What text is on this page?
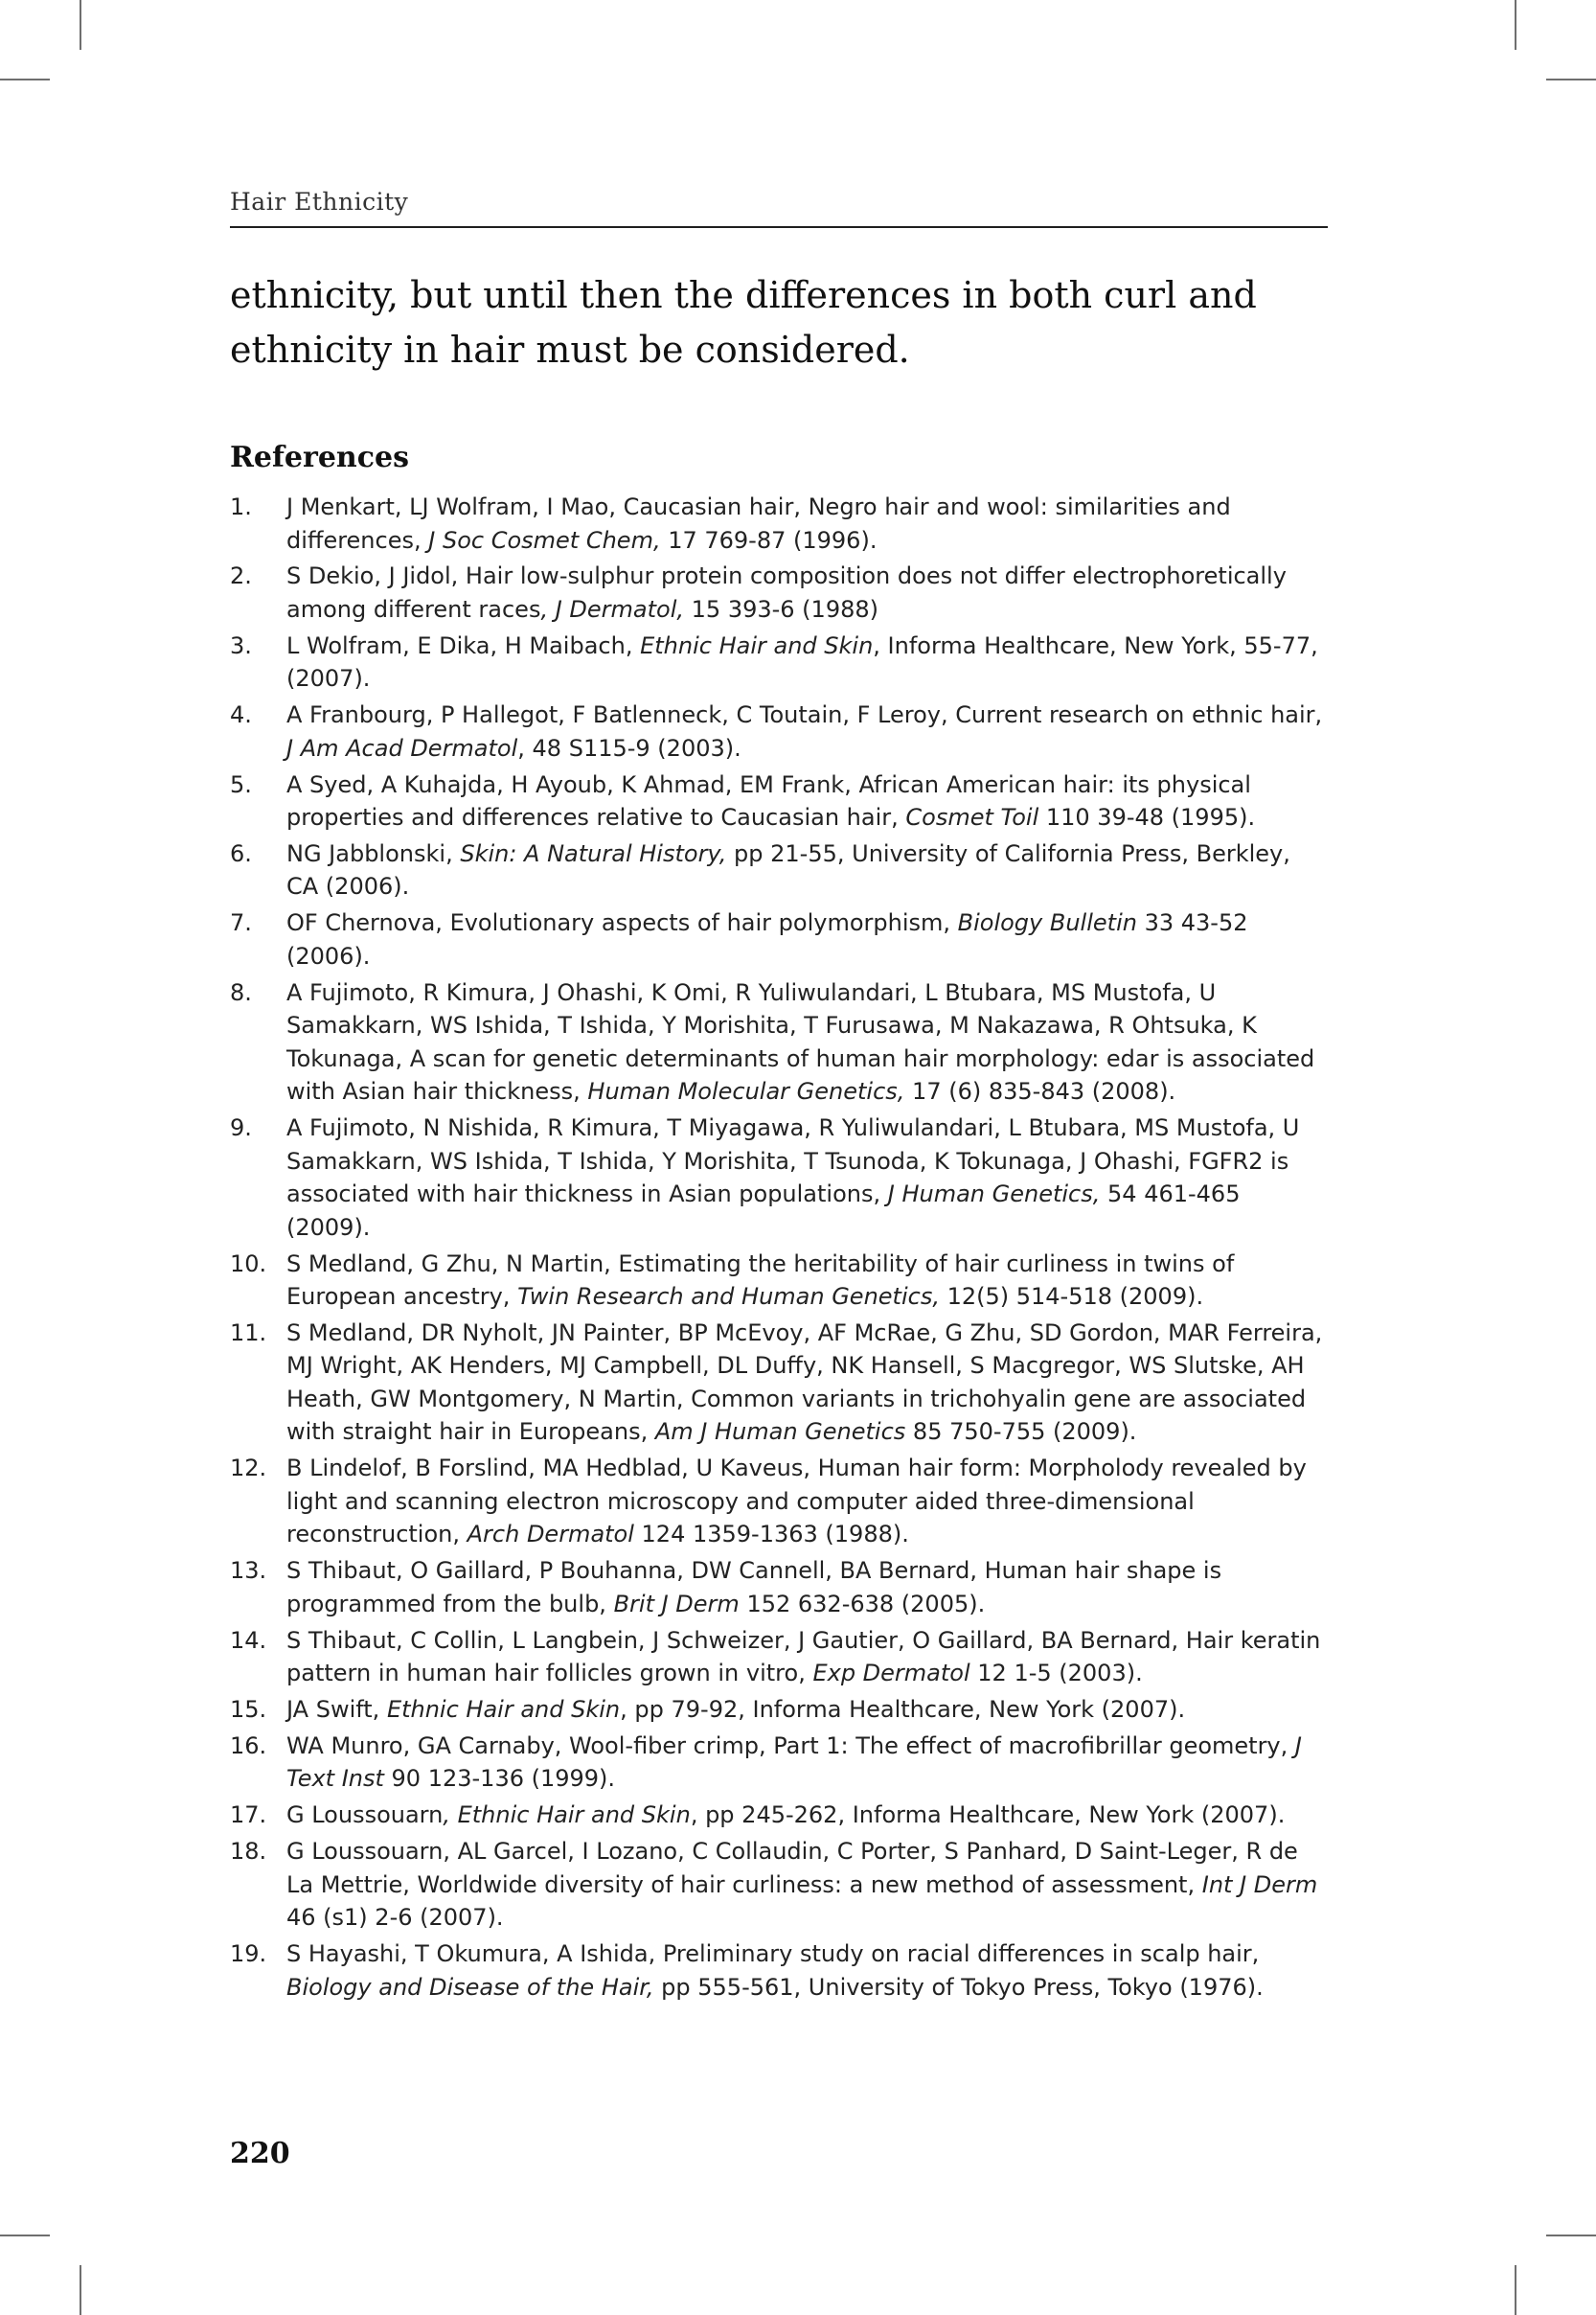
Hair Ethnicity
ethnicity, but until then the differences in both curl and ethnicity in hair must be considered.
References
1. J Menkart, LJ Wolfram, I Mao, Caucasian hair, Negro hair and wool: similarities and differences, J Soc Cosmet Chem, 17 769-87 (1996).
2. S Dekio, J Jidol, Hair low-sulphur protein composition does not differ electrophoretically among different races, J Dermatol, 15 393-6 (1988)
3. L Wolfram, E Dika, H Maibach, Ethnic Hair and Skin, Informa Healthcare, New York, 55-77, (2007).
4. A Franbourg, P Hallegot, F Batlenneck, C Toutain, F Leroy, Current research on ethnic hair, J Am Acad Dermatol, 48 S115-9 (2003).
5. A Syed, A Kuhajda, H Ayoub, K Ahmad, EM Frank, African American hair: its physical properties and differences relative to Caucasian hair, Cosmet Toil 110 39-48 (1995).
6. NG Jabblonski, Skin: A Natural History, pp 21-55, University of California Press, Berkley, CA (2006).
7. OF Chernova, Evolutionary aspects of hair polymorphism, Biology Bulletin 33 43-52 (2006).
8. A Fujimoto, R Kimura, J Ohashi, K Omi, R Yuliwulandari, L Btubara, MS Mustofa, U Samakkarn, WS Ishida, T Ishida, Y Morishita, T Furusawa, M Nakazawa, R Ohtsuka, K Tokunaga, A scan for genetic determinants of human hair morphology: edar is associated with Asian hair thickness, Human Molecular Genetics, 17 (6) 835-843 (2008).
9. A Fujimoto, N Nishida, R Kimura, T Miyagawa, R Yuliwulandari, L Btubara, MS Mustofa, U Samakkarn, WS Ishida, T Ishida, Y Morishita, T Tsunoda, K Tokunaga, J Ohashi, FGFR2 is associated with hair thickness in Asian populations, J Human Genetics, 54 461-465 (2009).
10. S Medland, G Zhu, N Martin, Estimating the heritability of hair curliness in twins of European ancestry, Twin Research and Human Genetics, 12(5) 514-518 (2009).
11. S Medland, DR Nyholt, JN Painter, BP McEvoy, AF McRae, G Zhu, SD Gordon, MAR Ferreira, MJ Wright, AK Henders, MJ Campbell, DL Duffy, NK Hansell, S Macgregor, WS Slutske, AH Heath, GW Montgomery, N Martin, Common variants in trichohyalin gene are associated with straight hair in Europeans, Am J Human Genetics 85 750-755 (2009).
12. B Lindelof, B Forslind, MA Hedblad, U Kaveus, Human hair form: Morpholody revealed by light and scanning electron microscopy and computer aided three-dimensional reconstruction, Arch Dermatol 124 1359-1363 (1988).
13. S Thibaut, O Gaillard, P Bouhanna, DW Cannell, BA Bernard, Human hair shape is programmed from the bulb, Brit J Derm 152 632-638 (2005).
14. S Thibaut, C Collin, L Langbein, J Schweizer, J Gautier, O Gaillard, BA Bernard, Hair keratin pattern in human hair follicles grown in vitro, Exp Dermatol 12 1-5 (2003).
15. JA Swift, Ethnic Hair and Skin, pp 79-92, Informa Healthcare, New York (2007).
16. WA Munro, GA Carnaby, Wool-fiber crimp, Part 1: The effect of macrofibrillar geometry, J Text Inst 90 123-136 (1999).
17. G Loussouarn, Ethnic Hair and Skin, pp 245-262, Informa Healthcare, New York (2007).
18. G Loussouarn, AL Garcel, I Lozano, C Collaudin, C Porter, S Panhard, D Saint-Leger, R de La Mettrie, Worldwide diversity of hair curliness: a new method of assessment, Int J Derm 46 (s1) 2-6 (2007).
19. S Hayashi, T Okumura, A Ishida, Preliminary study on racial differences in scalp hair, Biology and Disease of the Hair, pp 555-561, University of Tokyo Press, Tokyo (1976).
220
